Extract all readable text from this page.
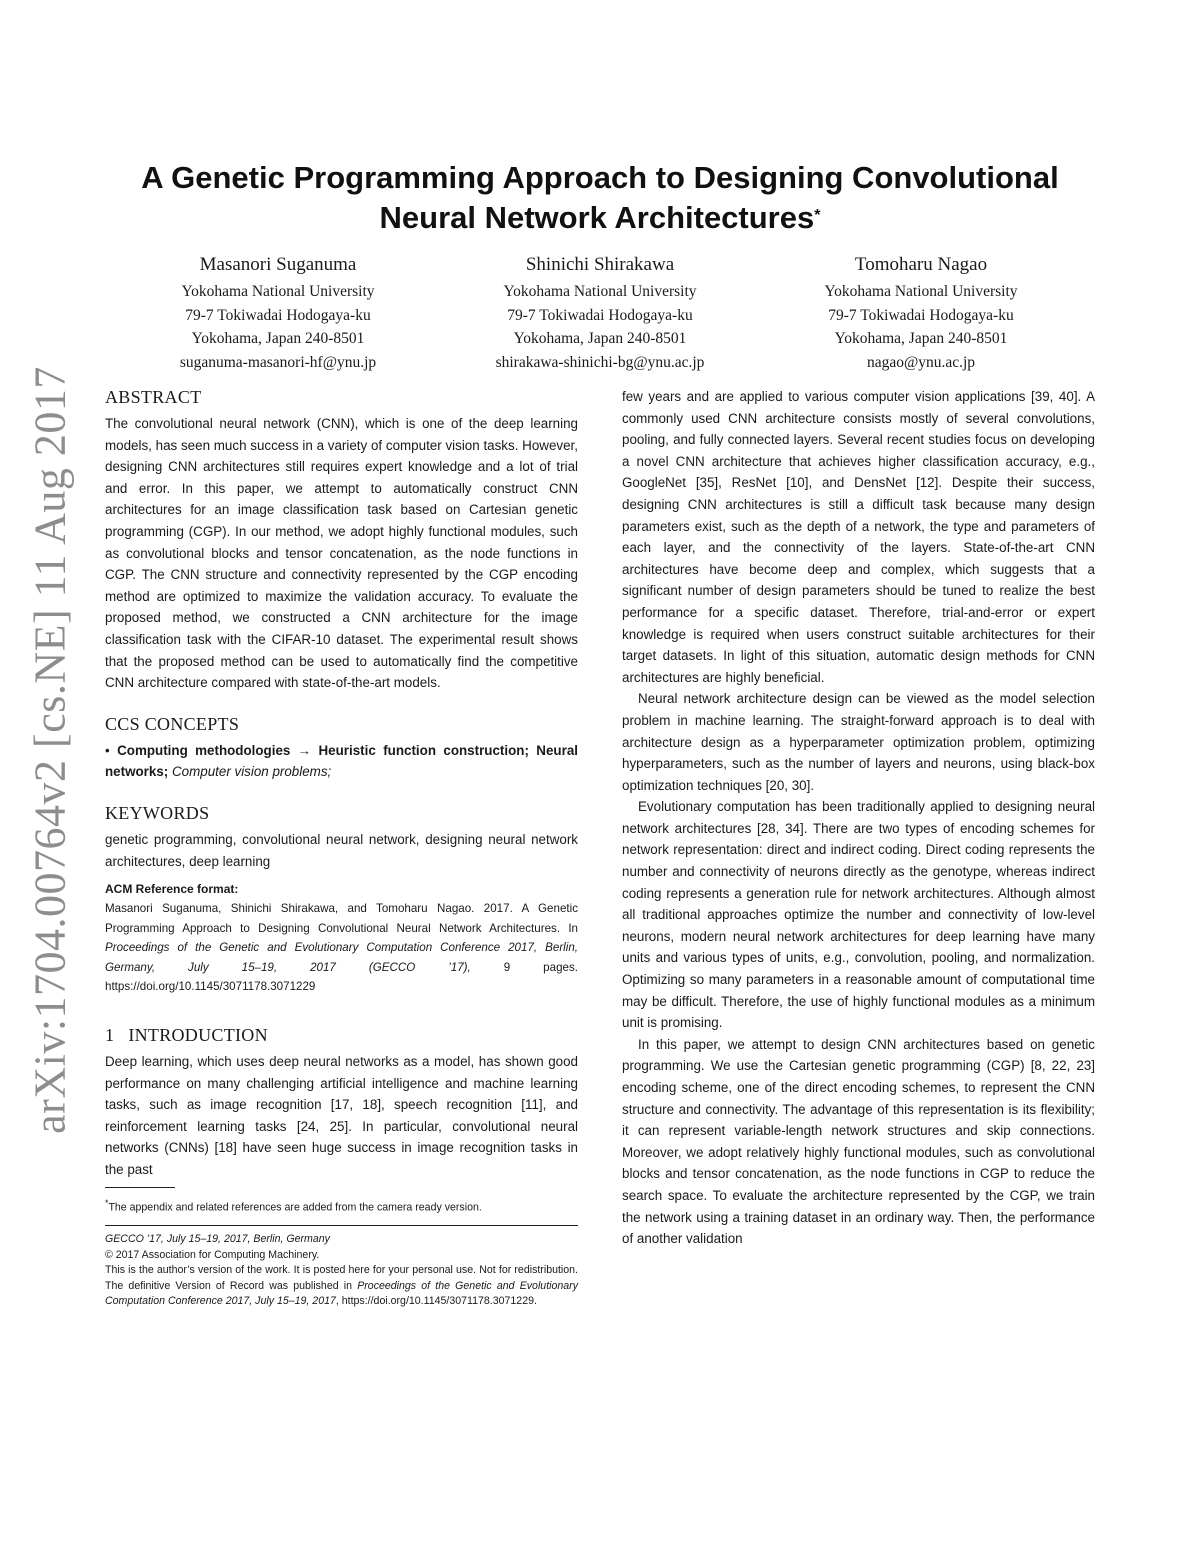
arXiv:1704.00764v2 [cs.NE] 11 Aug 2017
A Genetic Programming Approach to Designing Convolutional
Neural Network Architectures*
Masanori Suganuma
Yokohama National University
79-7 Tokiwadai Hodogaya-ku
Yokohama, Japan 240-8501
suganuma-masanori-hf@ynu.jp
Shinichi Shirakawa
Yokohama National University
79-7 Tokiwadai Hodogaya-ku
Yokohama, Japan 240-8501
shirakawa-shinichi-bg@ynu.ac.jp
Tomoharu Nagao
Yokohama National University
79-7 Tokiwadai Hodogaya-ku
Yokohama, Japan 240-8501
nagao@ynu.ac.jp
ABSTRACT

The convolutional neural network (CNN), which is one of the deep learning models, has seen much success in a variety of computer vision tasks. However, designing CNN architectures still requires expert knowledge and a lot of trial and error. In this paper, we attempt to automatically construct CNN architectures for an image classification task based on Cartesian genetic programming (CGP). In our method, we adopt highly functional modules, such as convolutional blocks and tensor concatenation, as the node functions in CGP. The CNN structure and connectivity represented by the CGP encoding method are optimized to maximize the validation accuracy. To evaluate the proposed method, we constructed a CNN architecture for the image classification task with the CIFAR-10 dataset. The experimental result shows that the proposed method can be used to automatically find the competitive CNN architecture compared with state-of-the-art models.

CCS CONCEPTS

• Computing methodologies → Heuristic function construction; Neural networks; Computer vision problems;

KEYWORDS

genetic programming, convolutional neural network, designing neural network architectures, deep learning

ACM Reference format:
Masanori Suganuma, Shinichi Shirakawa, and Tomoharu Nagao. 2017. A Genetic Programming Approach to Designing Convolutional Neural Network Architectures. In Proceedings of the Genetic and Evolutionary Computation Conference 2017, Berlin, Germany, July 15–19, 2017 (GECCO ’17), 9 pages. https://doi.org/10.1145/3071178.3071229
1 INTRODUCTION

Deep learning, which uses deep neural networks as a model, has shown good performance on many challenging artificial intelligence and machine learning tasks, such as image recognition [17, 18], speech recognition [11], and reinforcement learning tasks [24, 25]. In particular, convolutional neural networks (CNNs) [18] have seen huge success in image recognition tasks in the past

*The appendix and related references are added from the camera ready version.
GECCO ’17, July 15–19, 2017, Berlin, Germany
© 2017 Association for Computing Machinery.
This is the author’s version of the work. It is posted here for your personal use. Not for redistribution. The definitive Version of Record was published in Proceedings of the Genetic and Evolutionary Computation Conference 2017, July 15–19, 2017, https://doi.org/10.1145/3071178.3071229.

few years and are applied to various computer vision applications [39, 40]. A commonly used CNN architecture consists mostly of several convolutions, pooling, and fully connected layers. Several recent studies focus on developing a novel CNN architecture that achieves higher classification accuracy, e.g., GoogleNet [35], ResNet [10], and DensNet [12]. Despite their success, designing CNN architectures is still a difficult task because many design parameters exist, such as the depth of a network, the type and parameters of each layer, and the connectivity of the layers. State-of-the-art CNN architectures have become deep and complex, which suggests that a significant number of design parameters should be tuned to realize the best performance for a specific dataset. Therefore, trial-and-error or expert knowledge is required when users construct suitable architectures for their target datasets. In light of this situation, automatic design methods for CNN architectures are highly beneficial.

Neural network architecture design can be viewed as the model selection problem in machine learning. The straight-forward approach is to deal with architecture design as a hyperparameter optimization problem, optimizing hyperparameters, such as the number of layers and neurons, using black-box optimization techniques [20, 30].

Evolutionary computation has been traditionally applied to designing neural network architectures [28, 34]. There are two types of encoding schemes for network representation: direct and indirect coding. Direct coding represents the number and connectivity of neurons directly as the genotype, whereas indirect coding represents a generation rule for network architectures. Although almost all traditional approaches optimize the number and connectivity of low-level neurons, modern neural network architectures for deep learning have many units and various types of units, e.g., convolution, pooling, and normalization. Optimizing so many parameters in a reasonable amount of computational time may be difficult. Therefore, the use of highly functional modules as a minimum unit is promising.

In this paper, we attempt to design CNN architectures based on genetic programming. We use the Cartesian genetic programming (CGP) [8, 22, 23] encoding scheme, one of the direct encoding schemes, to represent the CNN structure and connectivity. The advantage of this representation is its flexibility; it can represent variable-length network structures and skip connections. Moreover, we adopt relatively highly functional modules, such as convolutional blocks and tensor concatenation, as the node functions in CGP to reduce the search space. To evaluate the architecture represented by the CGP, we train the network using a training dataset in an ordinary way. Then, the performance of another validation
